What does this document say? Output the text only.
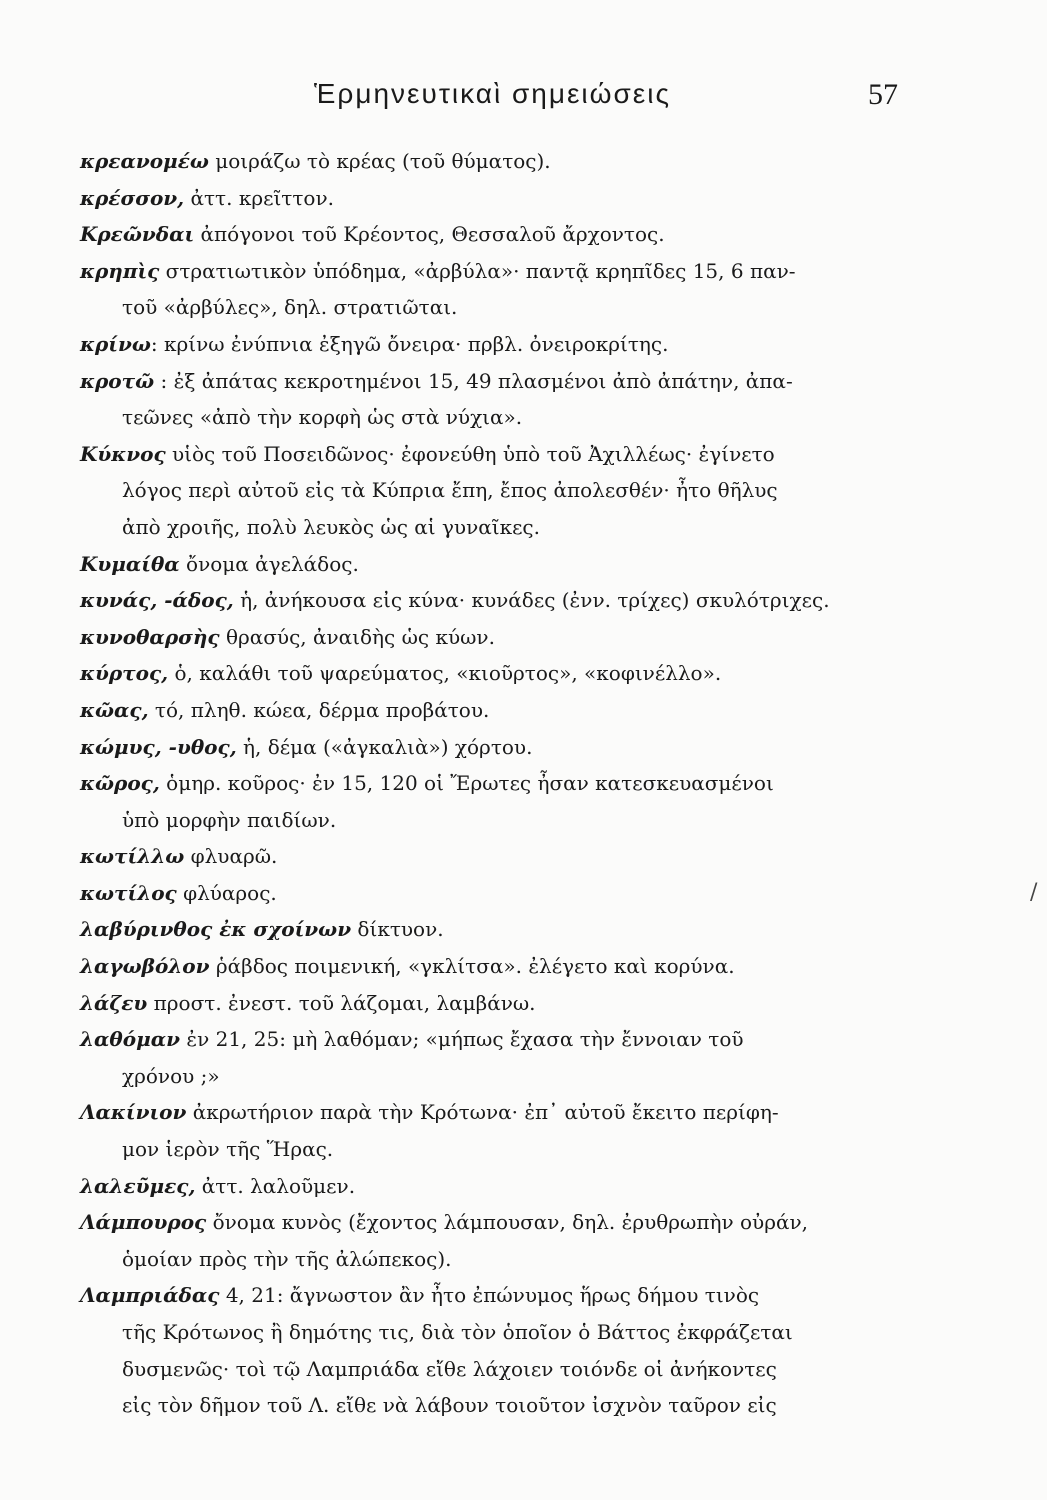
Ἑρμηνευτικαὶ σημειώσεις	57

κρεανομέω μοιράζω τὸ κρέας (τοῦ θύματος).

κρέσσον, ἀττ. κρεῖττον.

Κρεῶνδαι ἀπόγονοι τοῦ Κρέοντος, Θεσσαλοῦ ἄρχοντος.

κρηπὶς στρατιωτικὸν ὑπόδημα, «ἀρβύλα»· παντᾷ κρηπῖδες 15, 6 παν-
τοῦ «ἀρβύλες», δηλ. στρατιῶται.

κρίνω: κρίνω ἐνύπνια ἐξηγῶ ὄνειρα· πρβλ. ὀνειροκρίτης.

κροτῶ : ἐξ ἀπάτας κεκροτημένοι 15, 49 πλασμένοι ἀπὸ ἀπάτην, ἀπα-
τεῶνες «ἀπὸ τὴν κορφὴ ὡς στὰ νύχια».

Κύκνος υἱὸς τοῦ Ποσειδῶνος· ἐφονεύθη ὑπὸ τοῦ Ἀχιλλέως· ἐγίνετο
λόγος περὶ αὐτοῦ εἰς τὰ Κύπρια ἔπη, ἔπος ἀπολεσθέν· ἦτο θῆλυς
ἀπὸ χροιῆς, πολὺ λευκὸς ὡς αἱ γυναῖκες.

Κυμαίθα ὄνομα ἀγελάδος.

κυνάς, -άδος, ἡ, ἀνήκουσα εἰς κύνα· κυνάδες (ἐνν. τρίχες) σκυλότριχες.

κυνοθαρσὴς θρασύς, ἀναιδὴς ὡς κύων.

κύρτος, ὁ, καλάθι τοῦ ψαρεύματος, «κιοῦρτος», «κοφινέλλο».

κῶας, τό, πληθ. κώεα, δέρμα προβάτου.

κώμυς, -υθος, ἡ, δέμα («ἀγκαλιὰ») χόρτου.

κῶρος, ὁμηρ. κοῦρος· ἐν 15, 120 οἱ Ἔρωτες ἦσαν κατεσκευασμένοι
ὑπὸ μορφὴν παιδίων.

κωτίλλω φλυαρῶ.

κωτίλος φλύαρος.

λαβύρινθος ἐκ σχοίνων δίκτυον.

λαγωβόλον ῥάβδος ποιμενική, «γκλίτσα». ἐλέγετο καὶ κορύνα.

λάζευ προστ. ἐνεστ. τοῦ λάζομαι, λαμβάνω.

λαθόμαν ἐν 21, 25: μὴ λαθόμαν; «μήπως ἔχασα τὴν ἔννοιαν τοῦ
χρόνου ;»

Λακίνιον ἀκρωτήριον παρὰ τὴν Κρότωνα· ἐπ᾿ αὐτοῦ ἔκειτο περίφη-
μον ἱερὸν τῆς Ἥρας.

λαλεῦμες, ἀττ. λαλοῦμεν.

Λάμπουρος ὄνομα κυνὸς (ἔχοντος λάμπουσαν, δηλ. ἐρυθρωπὴν οὐράν,
ὁμοίαν πρὸς τὴν τῆς ἀλώπεκος).

Λαμπριάδας 4, 21: ἄγνωστον ἂν ἦτο ἐπώνυμος ἥρως δήμου τινὸς
τῆς Κρότωνος ἢ δημότης τις, διὰ τὸν ὁποῖον ὁ Βάττος ἐκφράζεται
δυσμενῶς· τοὶ τῷ Λαμπριάδα εἴθε λάχοιεν τοιόνδε οἱ ἀνήκοντες
εἰς τὸν δῆμον τοῦ Λ. εἴθε νὰ λάβουν τοιοῦτον ἰσχνὸν ταῦρον εἰς

/
